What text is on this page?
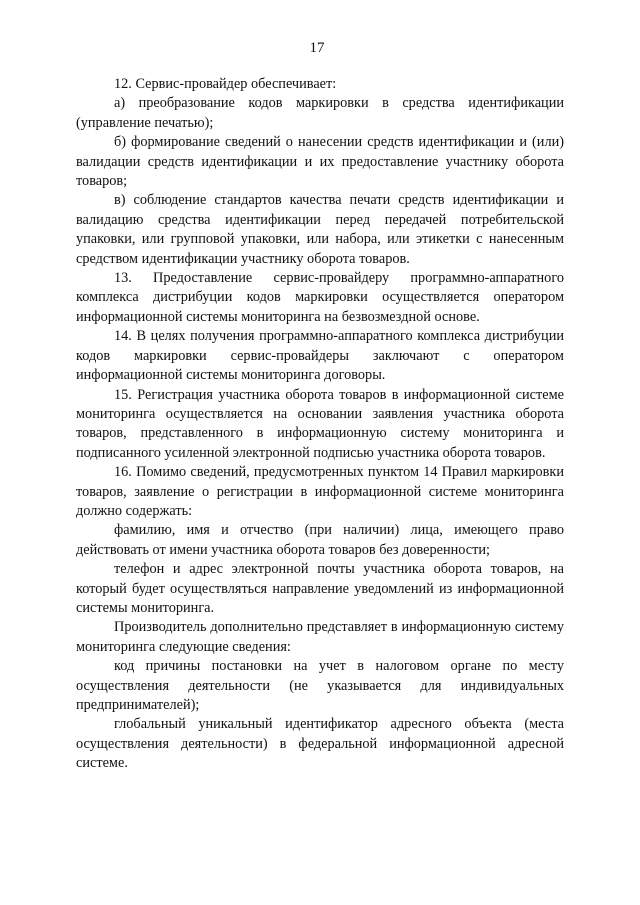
17

12. Сервис-провайдер обеспечивает:

а) преобразование кодов маркировки в средства идентификации (управление печатью);

б) формирование сведений о нанесении средств идентификации и (или) валидации средств идентификации и их предоставление участнику оборота товаров;

в) соблюдение стандартов качества печати средств идентификации и валидацию средства идентификации перед передачей потребительской упаковки, или групповой упаковки, или набора, или этикетки с нанесенным средством идентификации участнику оборота товаров.

13. Предоставление сервис-провайдеру программно-аппаратного комплекса дистрибуции кодов маркировки осуществляется оператором информационной системы мониторинга на безвозмездной основе.

14. В целях получения программно-аппаратного комплекса дистрибуции кодов маркировки сервис-провайдеры заключают с оператором информационной системы мониторинга договоры.

15. Регистрация участника оборота товаров в информационной системе мониторинга осуществляется на основании заявления участника оборота товаров, представленного в информационную систему мониторинга и подписанного усиленной электронной подписью участника оборота товаров.

16. Помимо сведений, предусмотренных пунктом 14 Правил маркировки товаров, заявление о регистрации в информационной системе мониторинга должно содержать:

фамилию, имя и отчество (при наличии) лица, имеющего право действовать от имени участника оборота товаров без доверенности;

телефон и адрес электронной почты участника оборота товаров, на который будет осуществляться направление уведомлений из информационной системы мониторинга.

Производитель дополнительно представляет в информационную систему мониторинга следующие сведения:

код причины постановки на учет в налоговом органе по месту осуществления деятельности (не указывается для индивидуальных предпринимателей);

глобальный уникальный идентификатор адресного объекта (места осуществления деятельности) в федеральной информационной адресной системе.
